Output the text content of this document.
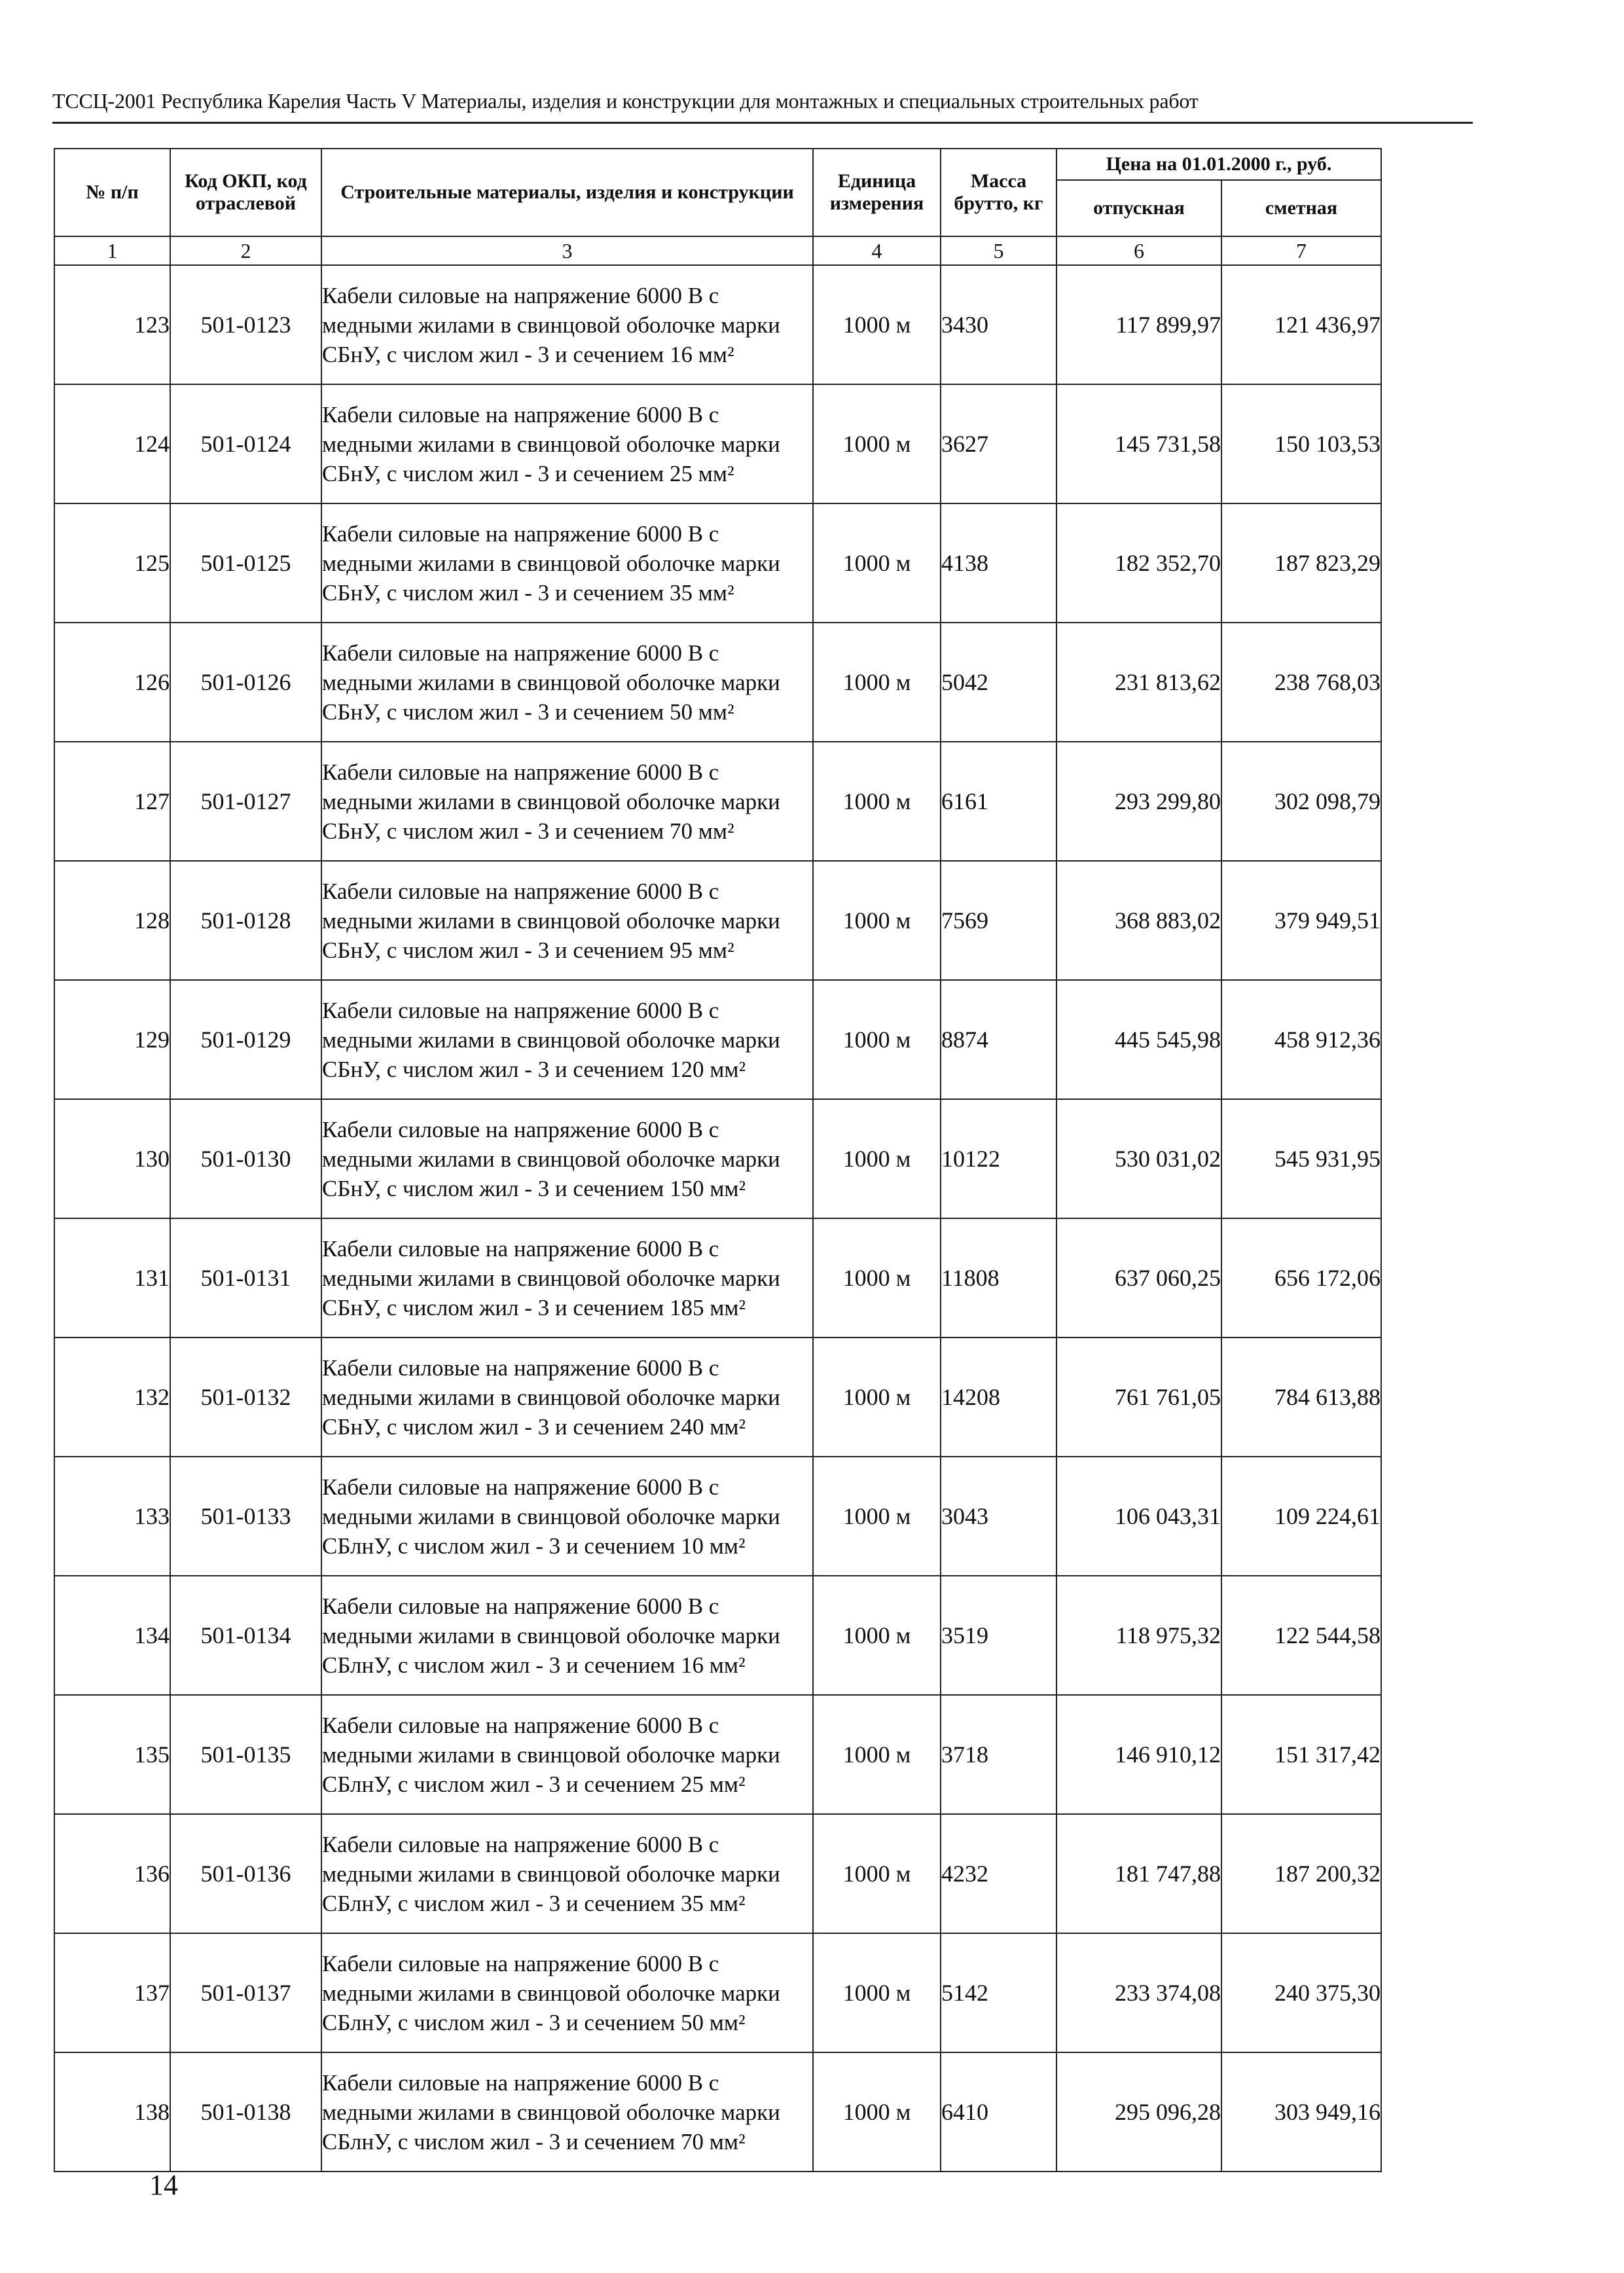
ТССЦ-2001 Республика Карелия Часть V Материалы, изделия и конструкции для монтажных и специальных строительных работ
№ п/п	Код ОКП, код отраслевой	Строительные материалы, изделия и конструкции	Единица измерения	Масса брутто, кг	Цена на 01.01.2000 г., руб.	
					отпускная	сметная
1	2	3	4	5	6	7
123	501-0123	Кабели силовые на напряжение 6000 В с медными жилами в свинцовой оболочке марки СБнУ, с числом жил - 3 и сечением 16 мм²	1000 м	3430	117 899,97	121 436,97
124	501-0124	Кабели силовые на напряжение 6000 В с медными жилами в свинцовой оболочке марки СБнУ, с числом жил - 3 и сечением 25 мм²	1000 м	3627	145 731,58	150 103,53
125	501-0125	Кабели силовые на напряжение 6000 В с медными жилами в свинцовой оболочке марки СБнУ, с числом жил - 3 и сечением 35 мм²	1000 м	4138	182 352,70	187 823,29
126	501-0126	Кабели силовые на напряжение 6000 В с медными жилами в свинцовой оболочке марки СБнУ, с числом жил - 3 и сечением 50 мм²	1000 м	5042	231 813,62	238 768,03
127	501-0127	Кабели силовые на напряжение 6000 В с медными жилами в свинцовой оболочке марки СБнУ, с числом жил - 3 и сечением 70 мм²	1000 м	6161	293 299,80	302 098,79
128	501-0128	Кабели силовые на напряжение 6000 В с медными жилами в свинцовой оболочке марки СБнУ, с числом жил - 3 и сечением 95 мм²	1000 м	7569	368 883,02	379 949,51
129	501-0129	Кабели силовые на напряжение 6000 В с медными жилами в свинцовой оболочке марки СБнУ, с числом жил - 3 и сечением 120 мм²	1000 м	8874	445 545,98	458 912,36
130	501-0130	Кабели силовые на напряжение 6000 В с медными жилами в свинцовой оболочке марки СБнУ, с числом жил - 3 и сечением 150 мм²	1000 м	10122	530 031,02	545 931,95
131	501-0131	Кабели силовые на напряжение 6000 В с медными жилами в свинцовой оболочке марки СБнУ, с числом жил - 3 и сечением 185 мм²	1000 м	11808	637 060,25	656 172,06
132	501-0132	Кабели силовые на напряжение 6000 В с медными жилами в свинцовой оболочке марки СБнУ, с числом жил - 3 и сечением 240 мм²	1000 м	14208	761 761,05	784 613,88
133	501-0133	Кабели силовые на напряжение 6000 В с медными жилами в свинцовой оболочке марки СБлнУ, с числом жил - 3 и сечением 10 мм²	1000 м	3043	106 043,31	109 224,61
134	501-0134	Кабели силовые на напряжение 6000 В с медными жилами в свинцовой оболочке марки СБлнУ, с числом жил - 3 и сечением 16 мм²	1000 м	3519	118 975,32	122 544,58
135	501-0135	Кабели силовые на напряжение 6000 В с медными жилами в свинцовой оболочке марки СБлнУ, с числом жил - 3 и сечением 25 мм²	1000 м	3718	146 910,12	151 317,42
136	501-0136	Кабели силовые на напряжение 6000 В с медными жилами в свинцовой оболочке марки СБлнУ, с числом жил - 3 и сечением 35 мм²	1000 м	4232	181 747,88	187 200,32
137	501-0137	Кабели силовые на напряжение 6000 В с медными жилами в свинцовой оболочке марки СБлнУ, с числом жил - 3 и сечением 50 мм²	1000 м	5142	233 374,08	240 375,30
138	501-0138	Кабели силовые на напряжение 6000 В с медными жилами в свинцовой оболочке марки СБлнУ, с числом жил - 3 и сечением 70 мм²	1000 м	6410	295 096,28	303 949,16
14
